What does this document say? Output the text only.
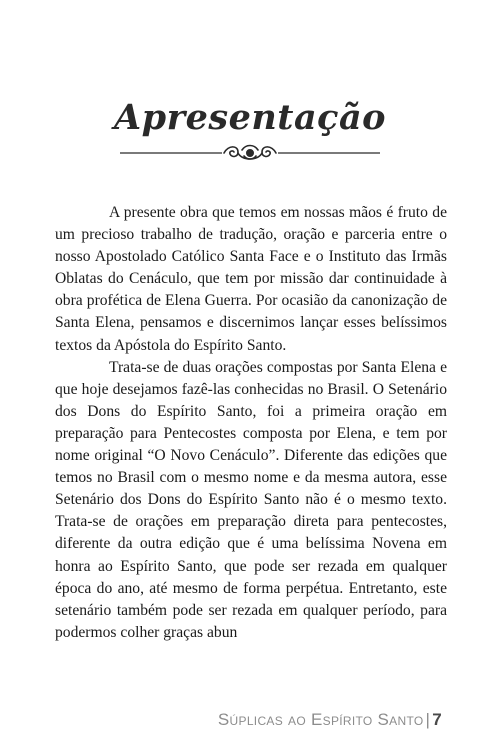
Apresentação

A presente obra que temos em nossas mãos é fruto de um precioso trabalho de tradução, oração e parceria entre o nosso Apostolado Católico Santa Face e o Instituto das Irmãs Oblatas do Cenáculo, que tem por missão dar continuidade à obra profética de Elena Guerra. Por ocasião da canonização de Santa Elena, pensamos e discernimos lançar esses belíssimos textos da Apóstola do Espírito Santo.

Trata-se de duas orações compostas por Santa Elena e que hoje desejamos fazê-las conhecidas no Brasil. O Setenário dos Dons do Espírito Santo, foi a primeira oração em preparação para Pentecostes composta por Elena, e tem por nome original “O Novo Cenáculo”. Diferente das edições que temos no Brasil com o mesmo nome e da mesma autora, esse Setenário dos Dons do Espírito Santo não é o mesmo texto. Trata-se de orações em preparação direta para pentecostes, diferente da outra edição que é uma belíssima Novena em honra ao Espírito Santo, que pode ser rezada em qualquer época do ano, até mesmo de forma perpétua. Entretanto, este setenário também pode ser rezada em qualquer período, para podermos colher graças abun

Súplicas ao Espírito Santo | 7
